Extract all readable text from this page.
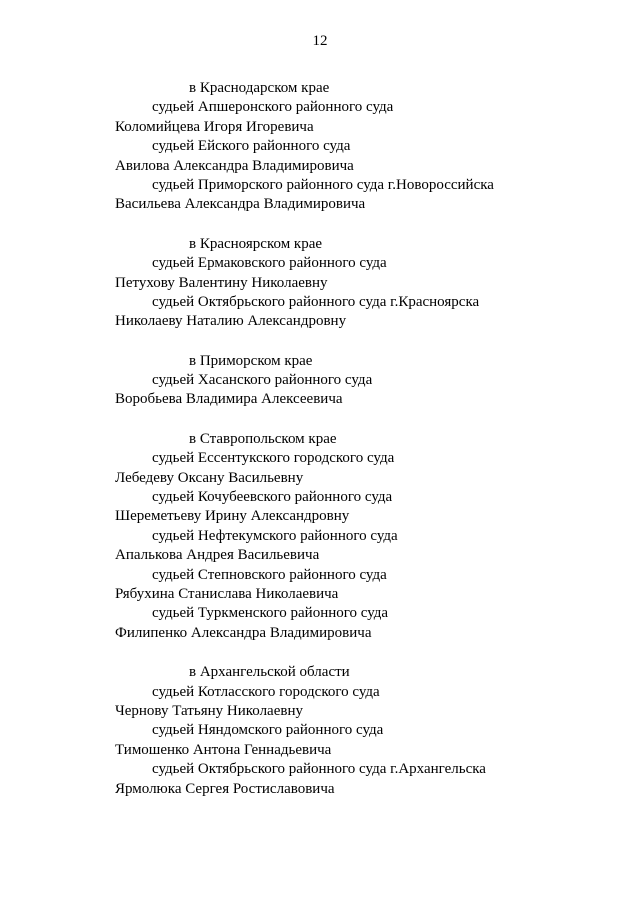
12
в Краснодарском крае
судьей Апшеронского районного суда
Коломийцева Игоря Игоревича
судьей Ейского районного суда
Авилова Александра Владимировича
судьей Приморского районного суда г.Новороссийска
Васильева Александра Владимировича
в Красноярском крае
судьей Ермаковского районного суда
Петухову Валентину Николаевну
судьей Октябрьского районного суда г.Красноярска
Николаеву Наталию Александровну
в Приморском крае
судьей Хасанского районного суда
Воробьева Владимира Алексеевича
в Ставропольском крае
судьей Ессентукского городского суда
Лебедеву Оксану Васильевну
судьей Кочубеевского районного суда
Шереметьеву Ирину Александровну
судьей Нефтекумского районного суда
Апалькова Андрея Васильевича
судьей Степновского районного суда
Рябухина Станислава Николаевича
судьей Туркменского районного суда
Филипенко Александра Владимировича
в Архангельской области
судьей Котласского городского суда
Чернову Татьяну Николаевну
судьей Няндомского районного суда
Тимошенко Антона Геннадьевича
судьей Октябрьского районного суда г.Архангельска
Ярмолюка Сергея Ростиславовича
